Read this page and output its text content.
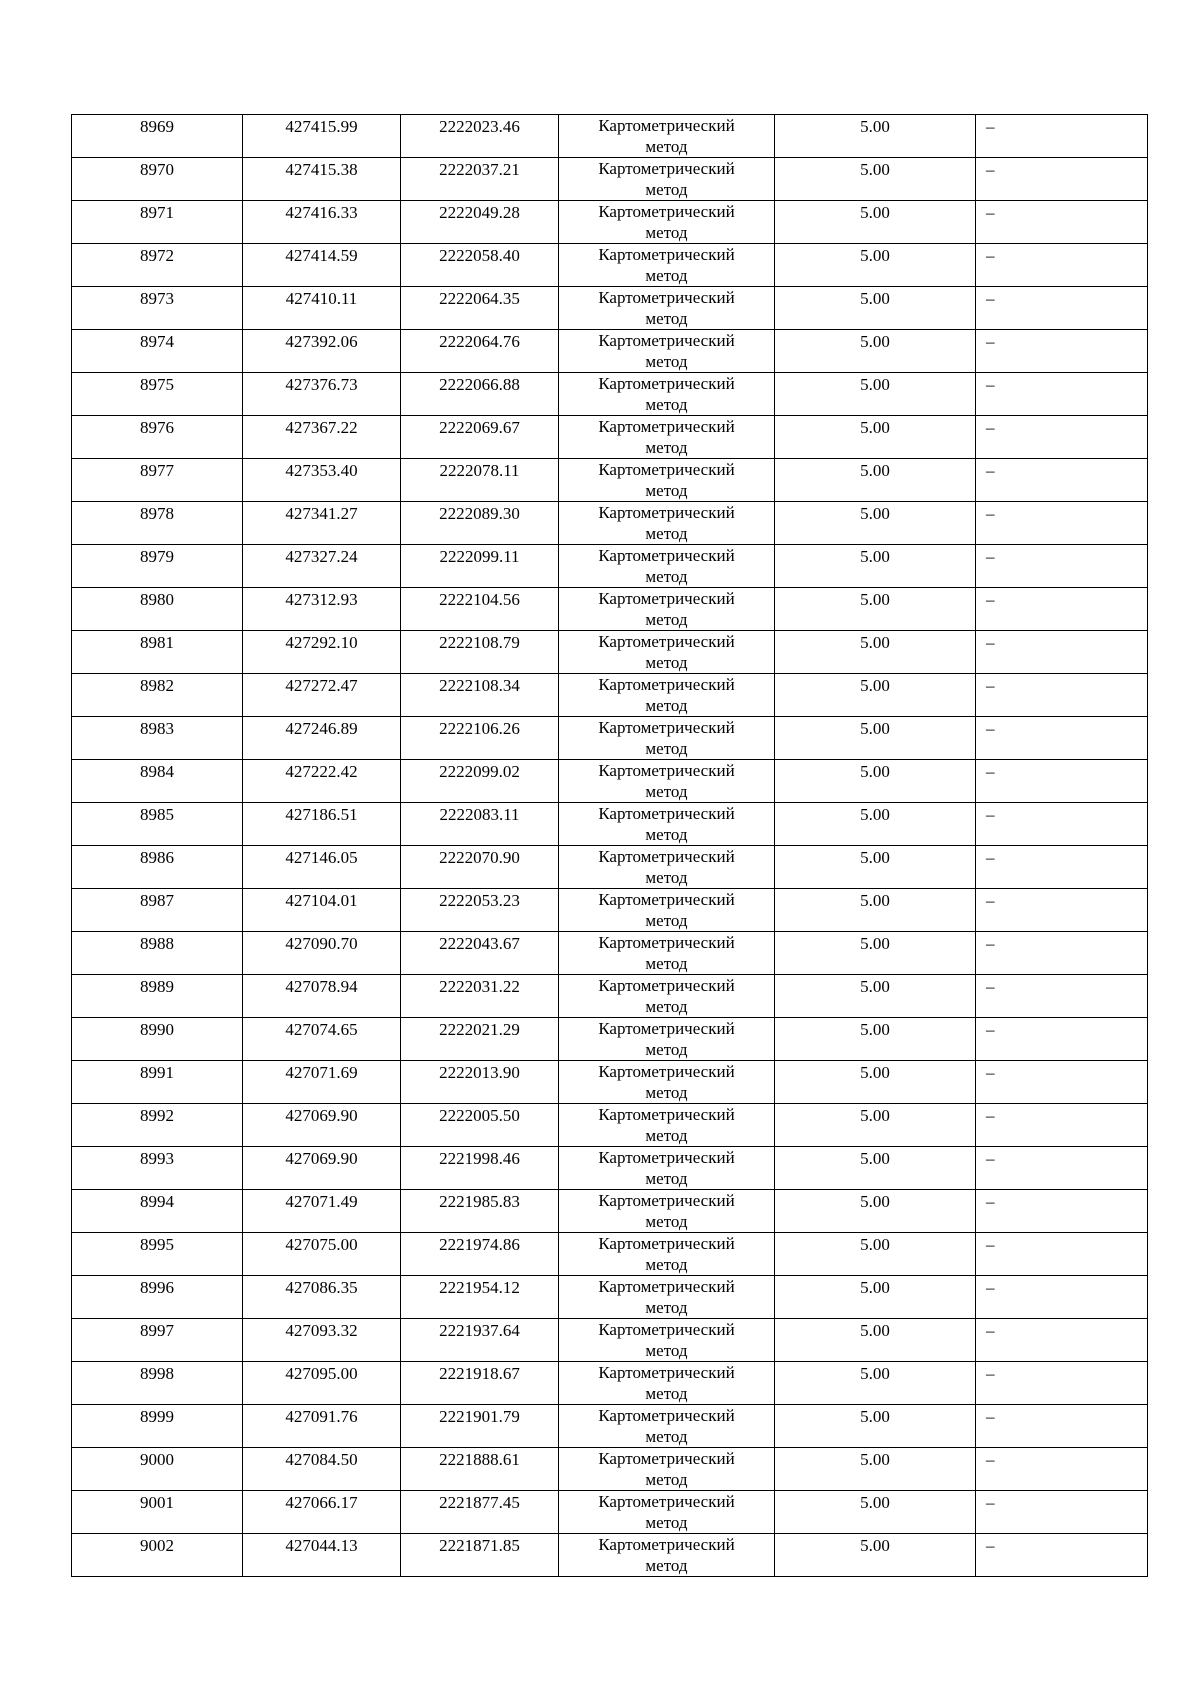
8969	427415.99	2222023.46	Картометрический
метод	5.00	–

8970	427415.38	2222037.21	Картометрический
метод	5.00	–

8971	427416.33	2222049.28	Картометрический
метод	5.00	–

8972	427414.59	2222058.40	Картометрический
метод	5.00	–

8973	427410.11	2222064.35	Картометрический
метод	5.00	–

8974	427392.06	2222064.76	Картометрический
метод	5.00	–

8975	427376.73	2222066.88	Картометрический
метод	5.00	–

8976	427367.22	2222069.67	Картометрический
метод	5.00	–

8977	427353.40	2222078.11	Картометрический
метод	5.00	–

8978	427341.27	2222089.30	Картометрический
метод	5.00	–

8979	427327.24	2222099.11	Картометрический
метод	5.00	–

8980	427312.93	2222104.56	Картометрический
метод	5.00	–

8981	427292.10	2222108.79	Картометрический
метод	5.00	–

8982	427272.47	2222108.34	Картометрический
метод	5.00	–

8983	427246.89	2222106.26	Картометрический
метод	5.00	–

8984	427222.42	2222099.02	Картометрический
метод	5.00	–

8985	427186.51	2222083.11	Картометрический
метод	5.00	–

8986	427146.05	2222070.90	Картометрический
метод	5.00	–

8987	427104.01	2222053.23	Картометрический
метод	5.00	–

8988	427090.70	2222043.67	Картометрический
метод	5.00	–

8989	427078.94	2222031.22	Картометрический
метод	5.00	–

8990	427074.65	2222021.29	Картометрический
метод	5.00	–

8991	427071.69	2222013.90	Картометрический
метод	5.00	–

8992	427069.90	2222005.50	Картометрический
метод	5.00	–

8993	427069.90	2221998.46	Картометрический
метод	5.00	–

8994	427071.49	2221985.83	Картометрический
метод	5.00	–

8995	427075.00	2221974.86	Картометрический
метод	5.00	–

8996	427086.35	2221954.12	Картометрический
метод	5.00	–

8997	427093.32	2221937.64	Картометрический
метод	5.00	–

8998	427095.00	2221918.67	Картометрический
метод	5.00	–

8999	427091.76	2221901.79	Картометрический
метод	5.00	–

9000	427084.50	2221888.61	Картометрический
метод	5.00	–

9001	427066.17	2221877.45	Картометрический
метод	5.00	–

9002	427044.13	2221871.85	Картометрический
метод	5.00	–
